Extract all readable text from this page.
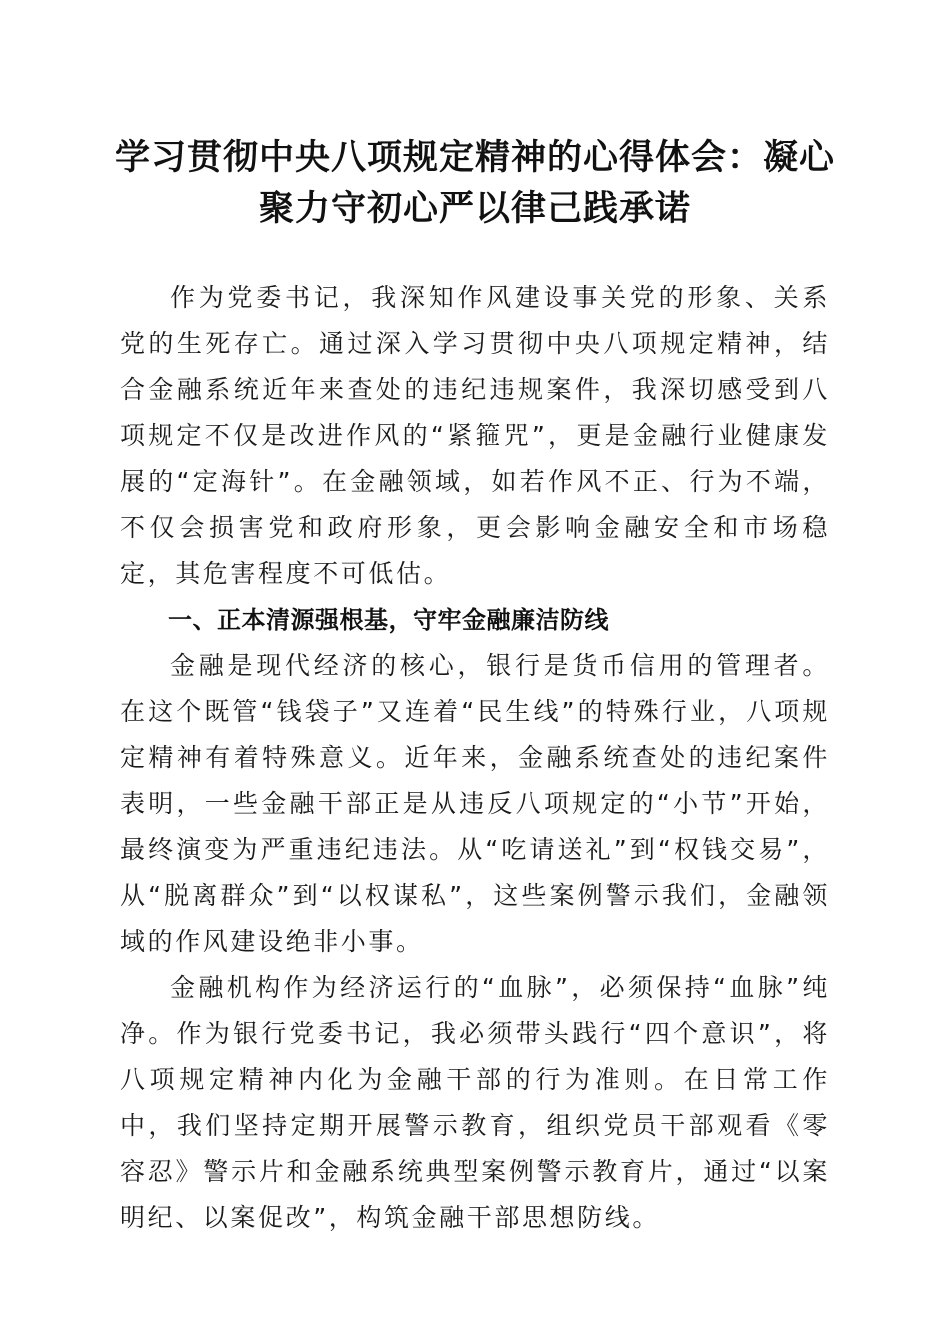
学习贯彻中央八项规定精神的心得体会：凝心
聚力守初心严以律己践承诺

作为党委书记，我深知作风建设事关党的形象、关系党的生死存亡。通过深入学习贯彻中央八项规定精神，结合金融系统近年来查处的违纪违规案件，我深切感受到八项规定不仅是改进作风的“紧箍咒”，更是金融行业健康发展的“定海针”。在金融领域，如若作风不正、行为不端，不仅会损害党和政府形象，更会影响金融安全和市场稳定，其危害程度不可低估。

一、正本清源强根基，守牢金融廉洁防线

金融是现代经济的核心，银行是货币信用的管理者。在这个既管“钱袋子”又连着“民生线”的特殊行业，八项规定精神有着特殊意义。近年来，金融系统查处的违纪案件表明，一些金融干部正是从违反八项规定的“小节”开始，最终演变为严重违纪违法。从“吃请送礼”到“权钱交易”，从“脱离群众”到“以权谋私”，这些案例警示我们，金融领域的作风建设绝非小事。

金融机构作为经济运行的“血脉”，必须保持“血脉”纯净。作为银行党委书记，我必须带头践行“四个意识”，将八项规定精神内化为金融干部的行为准则。在日常工作中，我们坚持定期开展警示教育，组织党员干部观看《零容忍》警示片和金融系统典型案例警示教育片，通过“以案明纪、以案促改”，构筑金融干部思想防线。
